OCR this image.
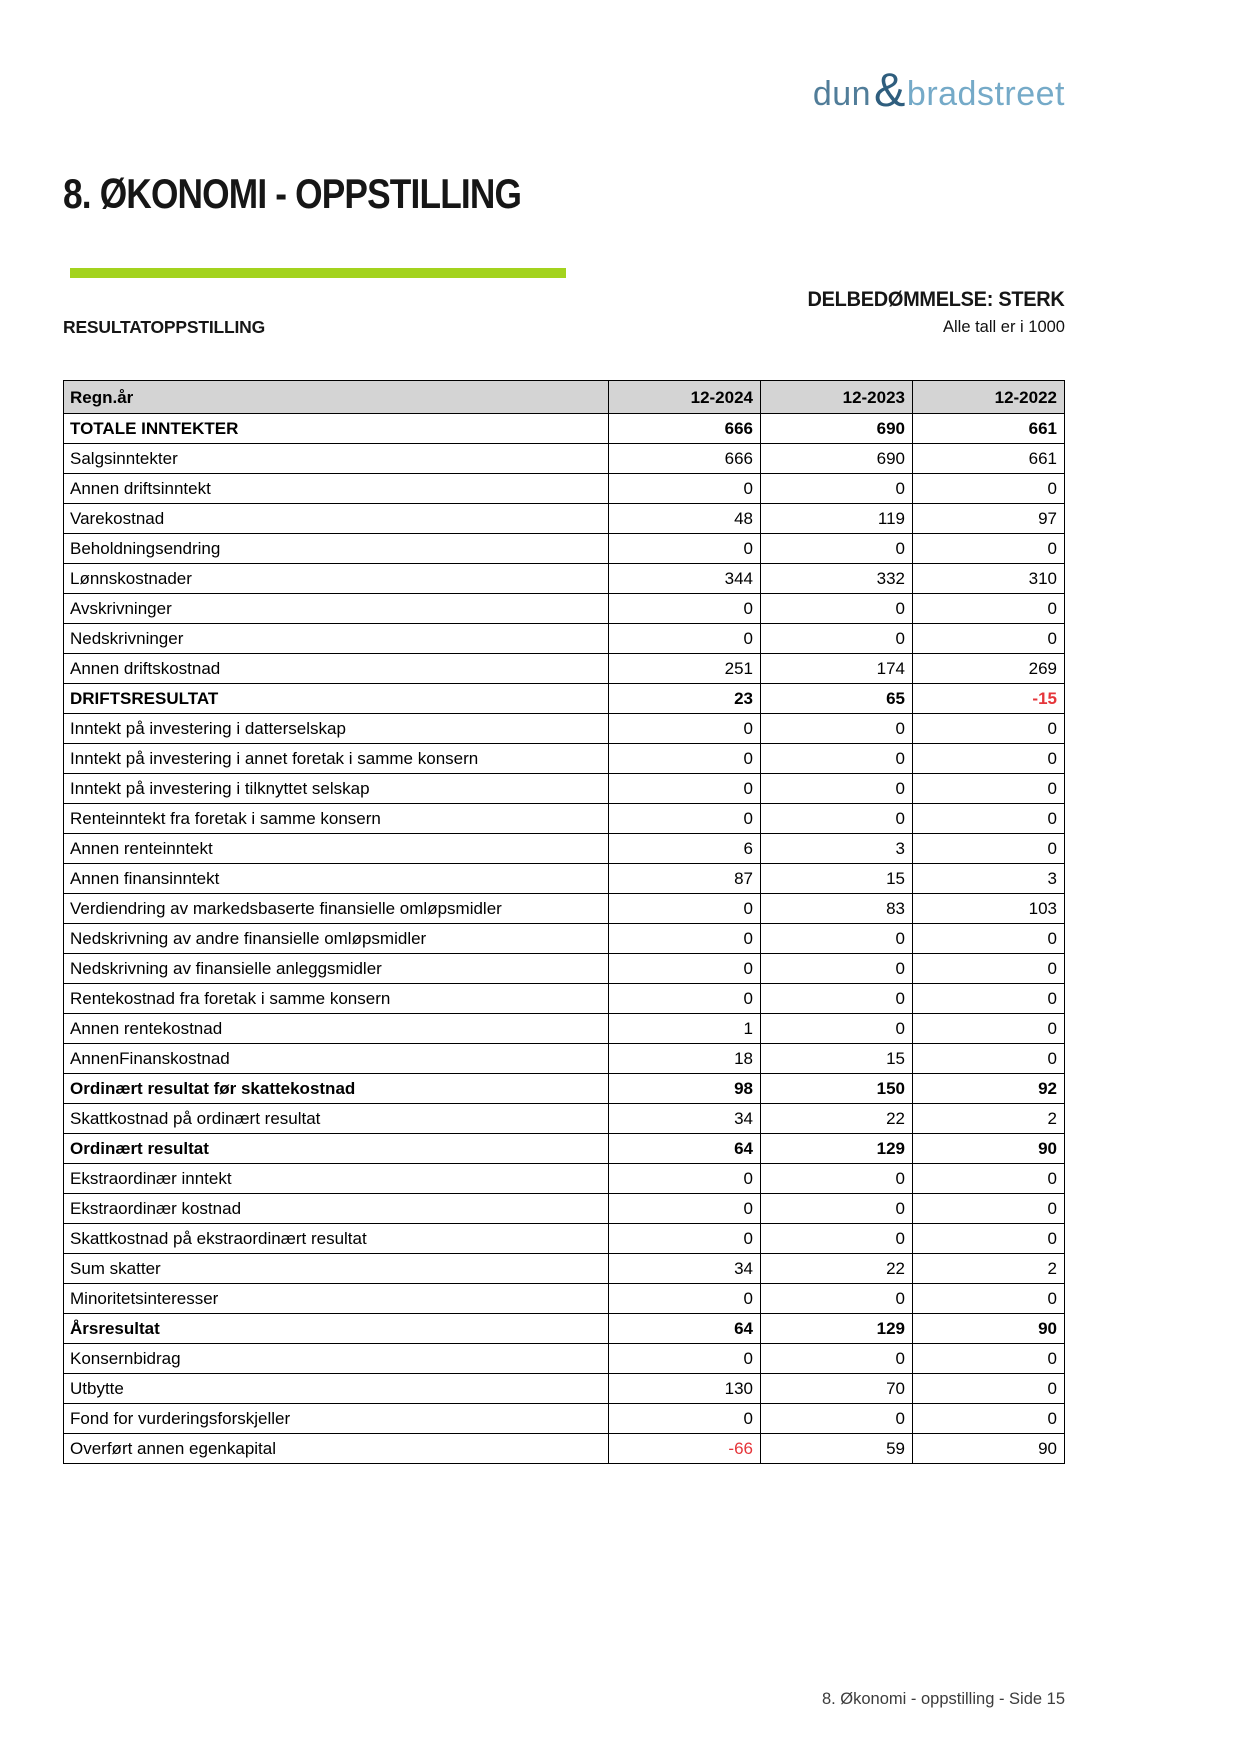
dun & bradstreet
8. ØKONOMI - OPPSTILLING
DELBEDØMMELSE: STERK
Alle tall er i 1000
RESULTATOPPSTILLING
Regn.år	12-2024	12-2023	12-2022
TOTALE INNTEKTER	666	690	661
Salgsinntekter	666	690	661
Annen driftsinntekt	0	0	0
Varekostnad	48	119	97
Beholdningsendring	0	0	0
Lønnskostnader	344	332	310
Avskrivninger	0	0	0
Nedskrivninger	0	0	0
Annen driftskostnad	251	174	269
DRIFTSRESULTAT	23	65	-15
Inntekt på investering i datterselskap	0	0	0
Inntekt på investering i annet foretak i samme konsern	0	0	0
Inntekt på investering i tilknyttet selskap	0	0	0
Renteinntekt fra foretak i samme konsern	0	0	0
Annen renteinntekt	6	3	0
Annen finansinntekt	87	15	3
Verdiendring av markedsbaserte finansielle omløpsmidler	0	83	103
Nedskrivning av andre finansielle omløpsmidler	0	0	0
Nedskrivning av finansielle anleggsmidler	0	0	0
Rentekostnad fra foretak i samme konsern	0	0	0
Annen rentekostnad	1	0	0
AnnenFinanskostnad	18	15	0
Ordinært resultat før skattekostnad	98	150	92
Skattkostnad på ordinært resultat	34	22	2
Ordinært resultat	64	129	90
Ekstraordinær inntekt	0	0	0
Ekstraordinær kostnad	0	0	0
Skattkostnad på ekstraordinært resultat	0	0	0
Sum skatter	34	22	2
Minoritetsinteresser	0	0	0
Årsresultat	64	129	90
Konsernbidrag	0	0	0
Utbytte	130	70	0
Fond for vurderingsforskjeller	0	0	0
Overført annen egenkapital	-66	59	90
8. Økonomi - oppstilling - Side 15
